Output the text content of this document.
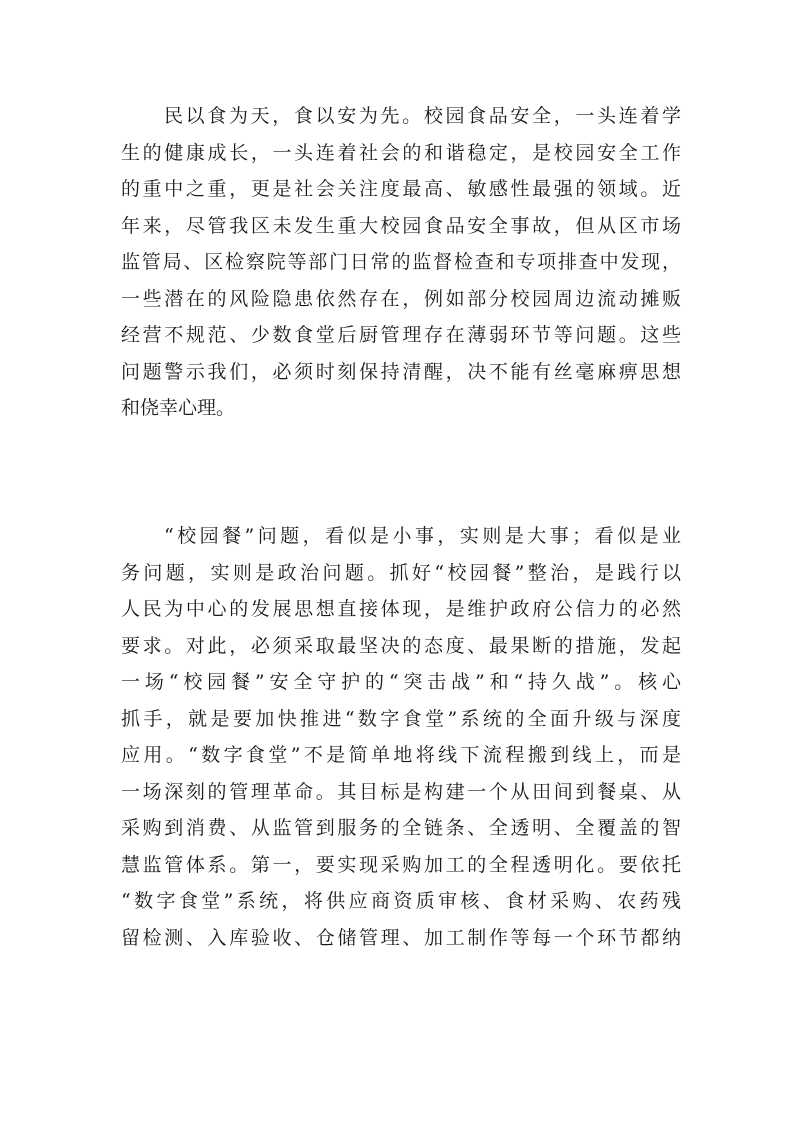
民以食为天，食以安为先。校园食品安全，一头连着学
生的健康成长，一头连着社会的和谐稳定，是校园安全工作
的重中之重，更是社会关注度最高、敏感性最强的领域。近
年来，尽管我区未发生重大校园食品安全事故，但从区市场
监管局、区检察院等部门日常的监督检查和专项排查中发现，
一些潜在的风险隐患依然存在，例如部分校园周边流动摊贩
经营不规范、少数食堂后厨管理存在薄弱环节等问题。这些
问题警示我们，必须时刻保持清醒，决不能有丝毫麻痹思想
和侥幸心理。
“校园餐”问题，看似是小事，实则是大事；看似是业
务问题，实则是政治问题。抓好“校园餐”整治，是践行以
人民为中心的发展思想直接体现，是维护政府公信力的必然
要求。对此，必须采取最坚决的态度、最果断的措施，发起
一场“校园餐”安全守护的“突击战”和“持久战”。核心
抓手，就是要加快推进“数字食堂”系统的全面升级与深度
应用。“数字食堂”不是简单地将线下流程搬到线上，而是
一场深刻的管理革命。其目标是构建一个从田间到餐桌、从
采购到消费、从监管到服务的全链条、全透明、全覆盖的智
慧监管体系。第一，要实现采购加工的全程透明化。要依托
“数字食堂”系统，将供应商资质审核、食材采购、农药残
留检测、入库验收、仓储管理、加工制作等每一个环节都纳
